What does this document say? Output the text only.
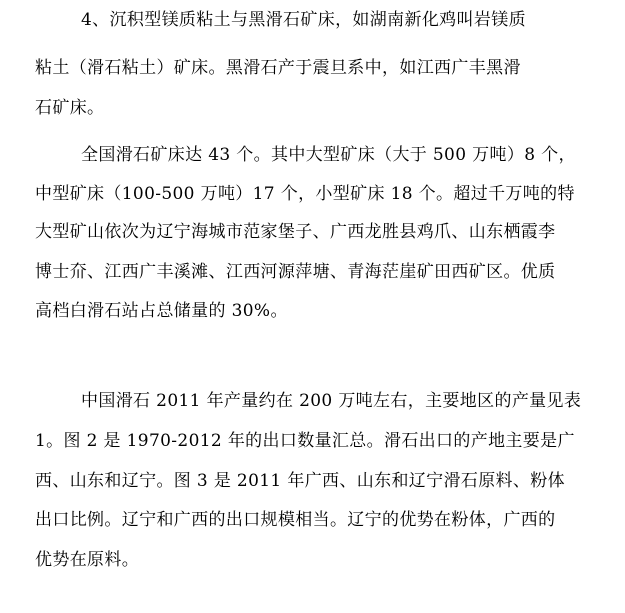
4、沉积型镁质粘土与黑滑石矿床，如湖南新化鸡叫岩镁质
粘土（滑石粘土）矿床。黑滑石产于震旦系中，如江西广丰黑滑
石矿床。
全国滑石矿床达 43 个。其中大型矿床（大于 500 万吨）8 个，
中型矿床（100-500 万吨）17 个，小型矿床 18 个。超过千万吨的特
大型矿山依次为辽宁海城市范家堡子、广西龙胜县鸡爪、山东栖霞李
博士夼、江西广丰溪滩、江西河源萍塘、青海茫崖矿田西矿区。优质
高档白滑石站占总储量的 30%。
中国滑石 2011 年产量约在 200 万吨左右，主要地区的产量见表
1。图 2 是 1970-2012 年的出口数量汇总。滑石出口的产地主要是广
西、山东和辽宁。图 3 是 2011 年广西、山东和辽宁滑石原料、粉体
出口比例。辽宁和广西的出口规模相当。辽宁的优势在粉体，广西的
优势在原料。
